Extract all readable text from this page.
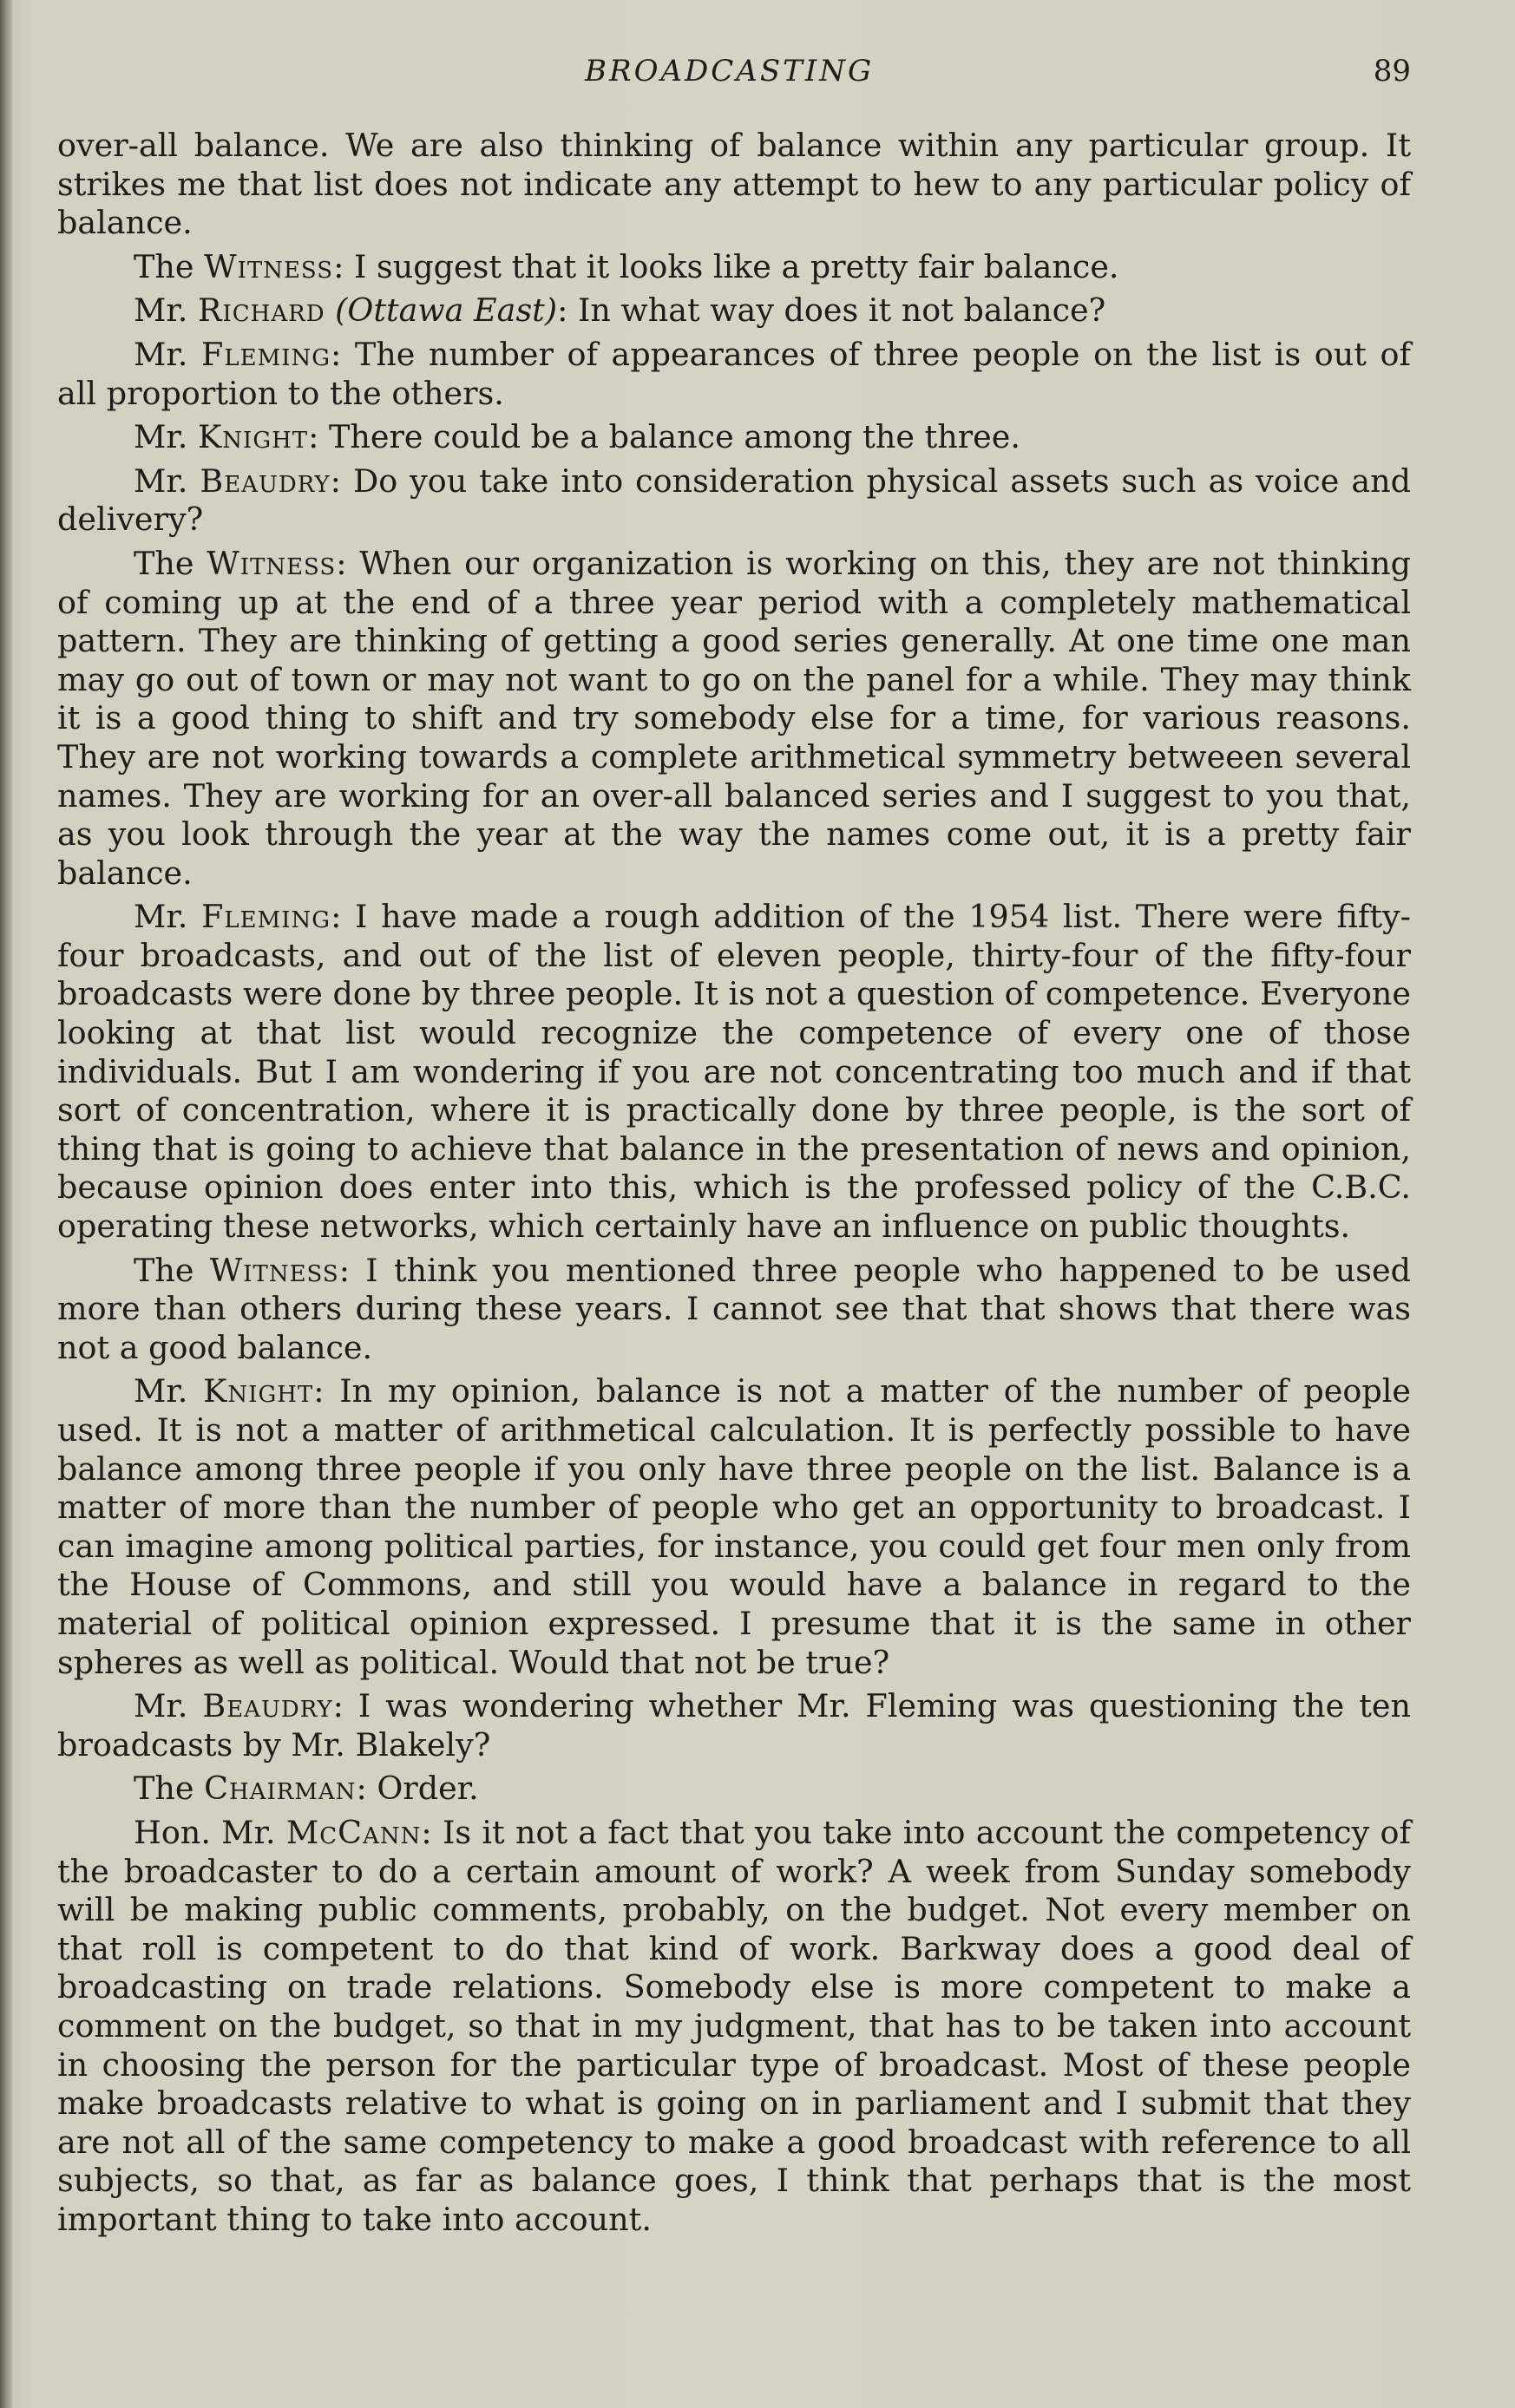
BROADCASTING	89

over-all balance. We are also thinking of balance within any particular group. It strikes me that list does not indicate any attempt to hew to any particular policy of balance.

The Witness: I suggest that it looks like a pretty fair balance.

Mr. Richard (Ottawa East): In what way does it not balance?

Mr. Fleming: The number of appearances of three people on the list is out of all proportion to the others.

Mr. Knight: There could be a balance among the three.

Mr. Beaudry: Do you take into consideration physical assets such as voice and delivery?

The Witness: When our organization is working on this, they are not thinking of coming up at the end of a three year period with a completely mathematical pattern. They are thinking of getting a good series generally. At one time one man may go out of town or may not want to go on the panel for a while. They may think it is a good thing to shift and try somebody else for a time, for various reasons. They are not working towards a complete arithmetical symmetry betweeen several names. They are working for an over-all balanced series and I suggest to you that, as you look through the year at the way the names come out, it is a pretty fair balance.

Mr. Fleming: I have made a rough addition of the 1954 list. There were fifty-four broadcasts, and out of the list of eleven people, thirty-four of the fifty-four broadcasts were done by three people. It is not a question of competence. Everyone looking at that list would recognize the competence of every one of those individuals. But I am wondering if you are not concentrating too much and if that sort of concentration, where it is practically done by three people, is the sort of thing that is going to achieve that balance in the presentation of news and opinion, because opinion does enter into this, which is the professed policy of the C.B.C. operating these networks, which certainly have an influence on public thoughts.

The Witness: I think you mentioned three people who happened to be used more than others during these years. I cannot see that that shows that there was not a good balance.

Mr. Knight: In my opinion, balance is not a matter of the number of people used. It is not a matter of arithmetical calculation. It is perfectly possible to have balance among three people if you only have three people on the list. Balance is a matter of more than the number of people who get an opportunity to broadcast. I can imagine among political parties, for instance, you could get four men only from the House of Commons, and still you would have a balance in regard to the material of political opinion expressed. I presume that it is the same in other spheres as well as political. Would that not be true?

Mr. Beaudry: I was wondering whether Mr. Fleming was questioning the ten broadcasts by Mr. Blakely?

The Chairman: Order.

Hon. Mr. McCann: Is it not a fact that you take into account the competency of the broadcaster to do a certain amount of work? A week from Sunday somebody will be making public comments, probably, on the budget. Not every member on that roll is competent to do that kind of work. Barkway does a good deal of broadcasting on trade relations. Somebody else is more competent to make a comment on the budget, so that in my judgment, that has to be taken into account in choosing the person for the particular type of broadcast. Most of these people make broadcasts relative to what is going on in parliament and I submit that they are not all of the same competency to make a good broadcast with reference to all subjects, so that, as far as balance goes, I think that perhaps that is the most important thing to take into account.
